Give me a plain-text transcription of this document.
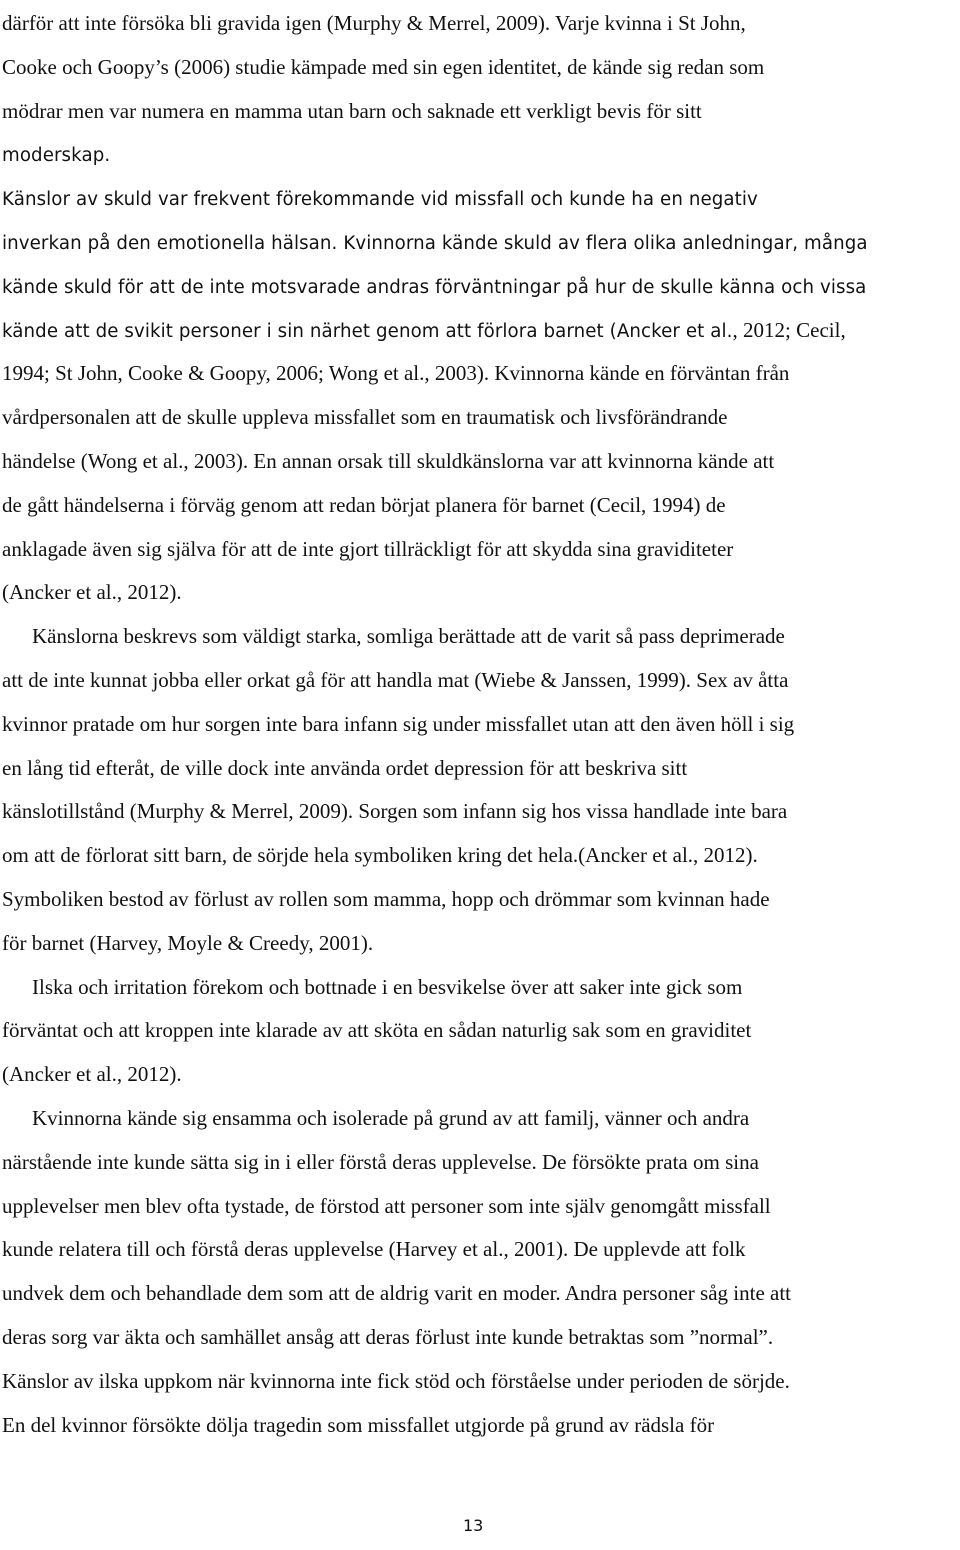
därför att inte försöka bli gravida igen (Murphy & Merrel, 2009). Varje kvinna i St John,
Cooke och Goopy’s (2006) studie kämpade med sin egen identitet, de kände sig redan som
mödrar men var numera en mamma utan barn och saknade ett verkligt bevis för sitt
moderskap.
Känslor av skuld var frekvent förekommande vid missfall och kunde ha en negativ
inverkan på den emotionella hälsan. Kvinnorna kände skuld av flera olika anledningar, många
kände skuld för att de inte motsvarade andras förväntningar på hur de skulle känna och vissa
kände att de svikit personer i sin närhet genom att förlora barnet (Ancker et al., 2012; Cecil,
1994; St John, Cooke & Goopy, 2006; Wong et al., 2003). Kvinnorna kände en förväntan från
vårdpersonalen att de skulle uppleva missfallet som en traumatisk och livsförändrande
händelse (Wong et al., 2003). En annan orsak till skuldkänslorna var att kvinnorna kände att
de gått händelserna i förväg genom att redan börjat planera för barnet (Cecil, 1994) de
anklagade även sig själva för att de inte gjort tillräckligt för att skydda sina graviditeter
(Ancker et al., 2012).
Känslorna beskrevs som väldigt starka, somliga berättade att de varit så pass deprimerade
att de inte kunnat jobba eller orkat gå för att handla mat (Wiebe & Janssen, 1999). Sex av åtta
kvinnor pratade om hur sorgen inte bara infann sig under missfallet utan att den även höll i sig
en lång tid efteråt, de ville dock inte använda ordet depression för att beskriva sitt
känslotillstånd (Murphy & Merrel, 2009). Sorgen som infann sig hos vissa handlade inte bara
om att de förlorat sitt barn, de sörjde hela symboliken kring det hela.(Ancker et al., 2012).
Symboliken bestod av förlust av rollen som mamma, hopp och drömmar som kvinnan hade
för barnet (Harvey, Moyle & Creedy, 2001).
Ilska och irritation förekom och bottnade i en besvikelse över att saker inte gick som
förväntat och att kroppen inte klarade av att sköta en sådan naturlig sak som en graviditet
(Ancker et al., 2012).
Kvinnorna kände sig ensamma och isolerade på grund av att familj, vänner och andra
närstående inte kunde sätta sig in i eller förstå deras upplevelse. De försökte prata om sina
upplevelser men blev ofta tystade, de förstod att personer som inte själv genomgått missfall
kunde relatera till och förstå deras upplevelse (Harvey et al., 2001). De upplevde att folk
undvek dem och behandlade dem som att de aldrig varit en moder. Andra personer såg inte att
deras sorg var äkta och samhället ansåg att deras förlust inte kunde betraktas som ”normal”.
Känslor av ilska uppkom när kvinnorna inte fick stöd och förståelse under perioden de sörjde.
En del kvinnor försökte dölja tragedin som missfallet utgjorde på grund av rädsla för
13
